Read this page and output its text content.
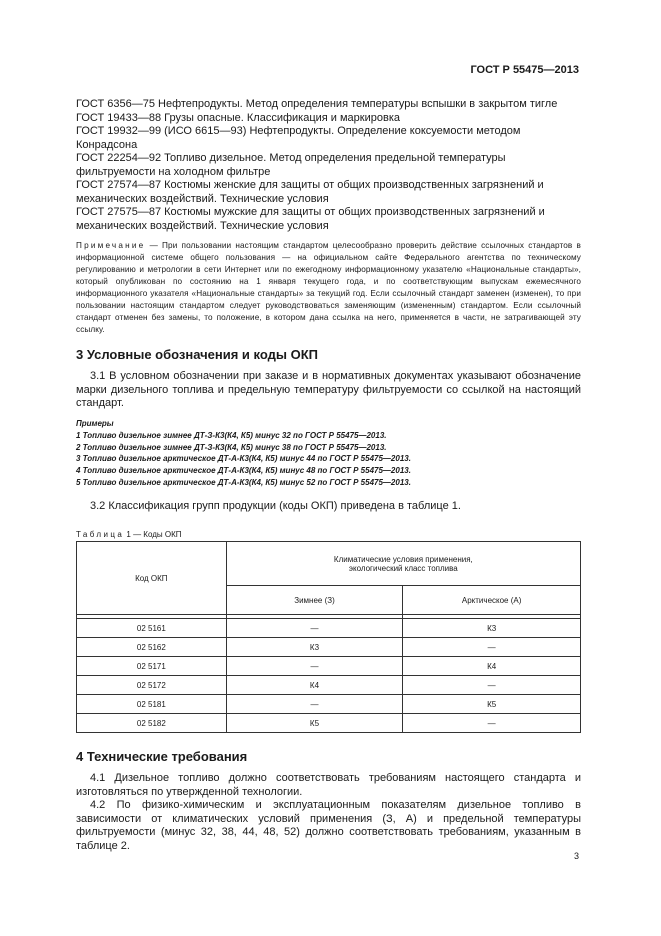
ГОСТ Р 55475—2013

ГОСТ 6356—75 Нефтепродукты. Метод определения температуры вспышки в закрытом тигле

ГОСТ 19433—88 Грузы опасные. Классификация и маркировка

ГОСТ 19932—99 (ИСО 6615—93) Нефтепродукты. Определение коксуемости методом Конрадсона

ГОСТ 22254—92 Топливо дизельное. Метод определения предельной температуры фильтруемости на холодном фильтре

ГОСТ 27574—87 Костюмы женские для защиты от общих производственных загрязнений и механических воздействий. Технические условия

ГОСТ 27575—87 Костюмы мужские для защиты от общих производственных загрязнений и механических воздействий. Технические условия

Примечание — При пользовании настоящим стандартом целесообразно проверить действие ссылочных стандартов в информационной системе общего пользования — на официальном сайте Федерального агентства по техническому регулированию и метрологии в сети Интернет или по ежегодному информационному указателю «Национальные стандарты», который опубликован по состоянию на 1 января текущего года, и по соответствующим выпускам ежемесячного информационного указателя «Национальные стандарты» за текущий год. Если ссылочный стандарт заменен (изменен), то при пользовании настоящим стандартом следует руководствоваться заменяющим (измененным) стандартом. Если ссылочный стандарт отменен без замены, то положение, в котором дана ссылка на него, применяется в части, не затрагивающей эту ссылку.
3 Условные обозначения и коды ОКП
3.1 В условном обозначении при заказе и в нормативных документах указывают обозначение марки дизельного топлива и предельную температуру фильтруемости со ссылкой на настоящий стандарт.
Примеры
1 Топливо дизельное зимнее ДТ-З-К3(К4, К5) минус 32 по ГОСТ Р 55475—2013.
2 Топливо дизельное зимнее ДТ-З-К3(К4, К5) минус 38 по ГОСТ Р 55475—2013.
3 Топливо дизельное арктическое ДТ-А-К3(К4, К5) минус 44 по ГОСТ Р 55475—2013.
4 Топливо дизельное арктическое ДТ-А-К3(К4, К5) минус 48 по ГОСТ Р 55475—2013.
5 Топливо дизельное арктическое ДТ-А-К3(К4, К5) минус 52 по ГОСТ Р 55475—2013.
3.2 Классификация групп продукции (коды ОКП) приведена в таблице 1.
Таблица 1 — Коды ОКП
Код ОКП	Климатические условия применения,
экологический класс топлива	

	Зимнее (З)	Арктическое (А)

02 5161	—	К3
02 5162	К3	—
02 5171	—	К4
02 5172	К4	—
02 5181	—	К5
02 5182	К5	—
4 Технические требования

4.1 Дизельное топливо должно соответствовать требованиям настоящего стандарта и изготовляться по утвержденной технологии.

4.2 По физико-химическим и эксплуатационным показателям дизельное топливо в зависимости от климатических условий применения (З, А) и предельной температуры фильтруемости (минус 32, 38, 44, 48, 52) должно соответствовать требованиям, указанным в таблице 2.

3
